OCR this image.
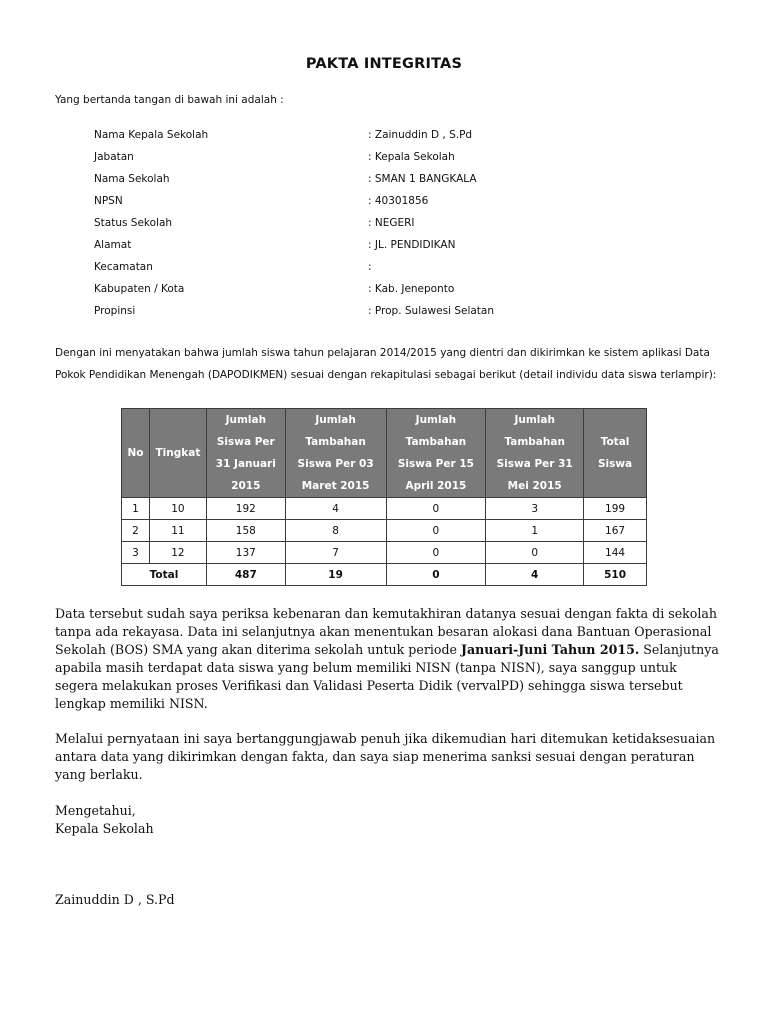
PAKTA INTEGRITAS
Yang bertanda tangan di bawah ini adalah :
Nama Kepala Sekolah	: Zainuddin D , S.Pd
Jabatan	: Kepala Sekolah
Nama Sekolah	: SMAN 1 BANGKALA
NPSN	: 40301856
Status Sekolah	: NEGERI
Alamat	: JL. PENDIDIKAN
Kecamatan	:
Kabupaten / Kota	: Kab. Jeneponto
Propinsi	: Prop. Sulawesi Selatan
Dengan ini menyatakan bahwa jumlah siswa tahun pelajaran 2014/2015 yang dientri dan dikirimkan ke sistem aplikasi Data Pokok Pendidikan Menengah (DAPODIKMEN) sesuai dengan rekapitulasi sebagai berikut (detail individu data siswa terlampir):
No	Tingkat	Jumlah Siswa Per 31 Januari 2015	Jumlah Tambahan Siswa Per 03 Maret 2015	Jumlah Tambahan Siswa Per 15 April 2015	Jumlah Tambahan Siswa Per 31 Mei 2015	Total Siswa
1	10	192	4	0	3	199
2	11	158	8	0	1	167
3	12	137	7	0	0	144
Total		487	19	0	4	510
Data tersebut sudah saya periksa kebenaran dan kemutakhiran datanya sesuai dengan fakta di sekolah tanpa ada rekayasa. Data ini selanjutnya akan menentukan besaran alokasi dana Bantuan Operasional Sekolah (BOS) SMA yang akan diterima sekolah untuk periode Januari-Juni Tahun 2015. Selanjutnya apabila masih terdapat data siswa yang belum memiliki NISN (tanpa NISN), saya sanggup untuk segera melakukan proses Verifikasi dan Validasi Peserta Didik (vervalPD) sehingga siswa tersebut lengkap memiliki NISN.
Melalui pernyataan ini saya bertanggungjawab penuh jika dikemudian hari ditemukan ketidaksesuaian antara data yang dikirimkan dengan fakta, dan saya siap menerima sanksi sesuai dengan peraturan yang berlaku.
Mengetahui,
Kepala Sekolah
Zainuddin D , S.Pd
